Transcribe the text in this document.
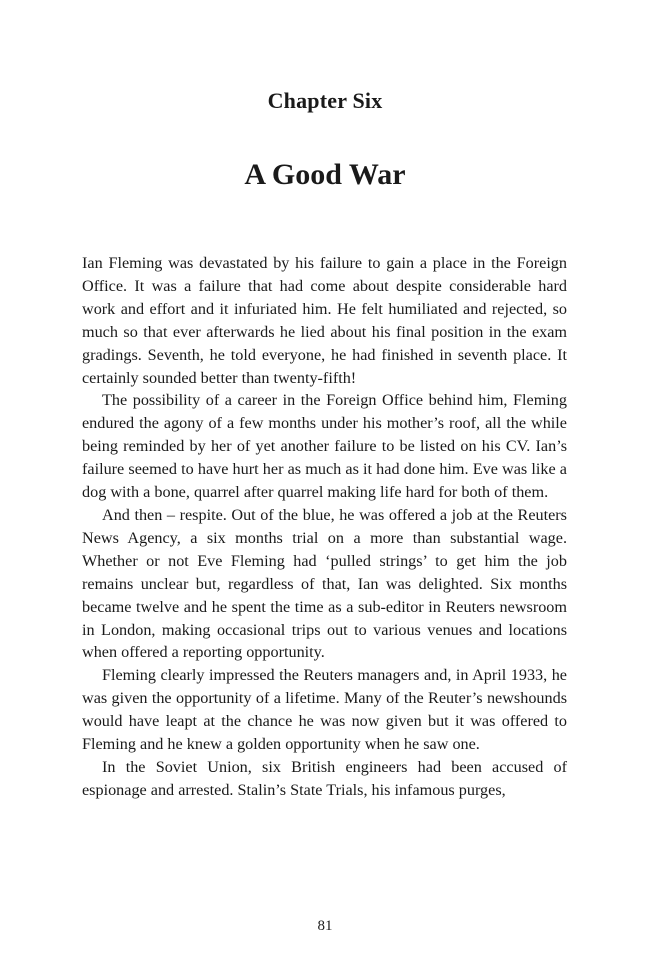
Chapter Six
A Good War

Ian Fleming was devastated by his failure to gain a place in the Foreign Office. It was a failure that had come about despite considerable hard work and effort and it infuriated him. He felt humiliated and rejected, so much so that ever afterwards he lied about his final position in the exam gradings. Seventh, he told everyone, he had finished in seventh place. It certainly sounded better than twenty-fifth!

The possibility of a career in the Foreign Office behind him, Fleming endured the agony of a few months under his mother’s roof, all the while being reminded by her of yet another failure to be listed on his CV. Ian’s failure seemed to have hurt her as much as it had done him. Eve was like a dog with a bone, quarrel after quarrel making life hard for both of them.

And then – respite. Out of the blue, he was offered a job at the Reuters News Agency, a six months trial on a more than substantial wage. Whether or not Eve Fleming had ‘pulled strings’ to get him the job remains unclear but, regardless of that, Ian was delighted. Six months became twelve and he spent the time as a sub-editor in Reuters newsroom in London, making occasional trips out to various venues and locations when offered a reporting opportunity.

Fleming clearly impressed the Reuters managers and, in April 1933, he was given the opportunity of a lifetime. Many of the Reuter’s newshounds would have leapt at the chance he was now given but it was offered to Fleming and he knew a golden opportunity when he saw one.

In the Soviet Union, six British engineers had been accused of espionage and arrested. Stalin’s State Trials, his infamous purges,

81
